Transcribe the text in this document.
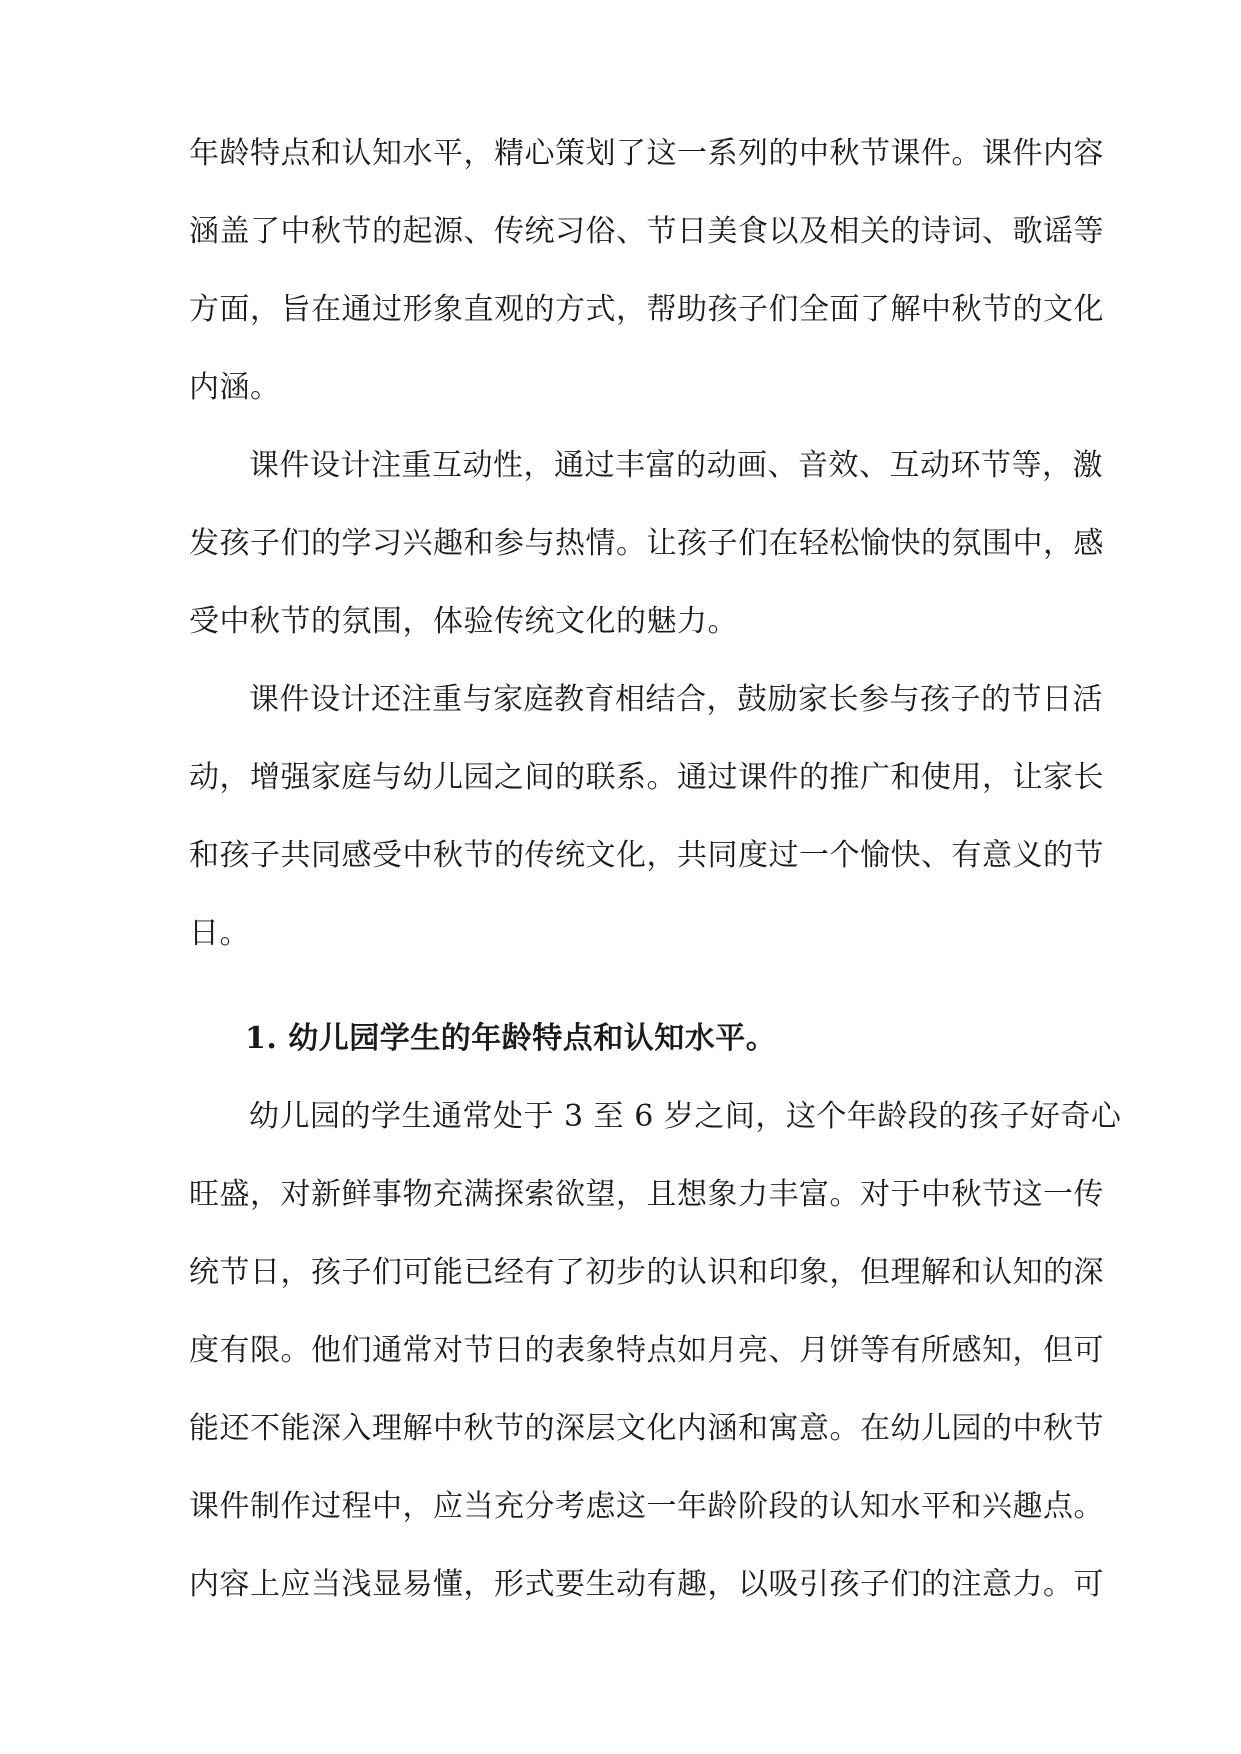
年龄特点和认知水平，精心策划了这一系列的中秋节课件。课件内容
涵盖了中秋节的起源、传统习俗、节日美食以及相关的诗词、歌谣等
方面，旨在通过形象直观的方式，帮助孩子们全面了解中秋节的文化
内涵。
课件设计注重互动性，通过丰富的动画、音效、互动环节等，激
发孩子们的学习兴趣和参与热情。让孩子们在轻松愉快的氛围中，感
受中秋节的氛围，体验传统文化的魅力。
课件设计还注重与家庭教育相结合，鼓励家长参与孩子的节日活
动，增强家庭与幼儿园之间的联系。通过课件的推广和使用，让家长
和孩子共同感受中秋节的传统文化，共同度过一个愉快、有意义的节
日。
1. 幼儿园学生的年龄特点和认知水平。
幼儿园的学生通常处于 3 至 6 岁之间，这个年龄段的孩子好奇心
旺盛，对新鲜事物充满探索欲望，且想象力丰富。对于中秋节这一传
统节日，孩子们可能已经有了初步的认识和印象，但理解和认知的深
度有限。他们通常对节日的表象特点如月亮、月饼等有所感知，但可
能还不能深入理解中秋节的深层文化内涵和寓意。在幼儿园的中秋节
课件制作过程中，应当充分考虑这一年龄阶段的认知水平和兴趣点。
内容上应当浅显易懂，形式要生动有趣，以吸引孩子们的注意力。可
